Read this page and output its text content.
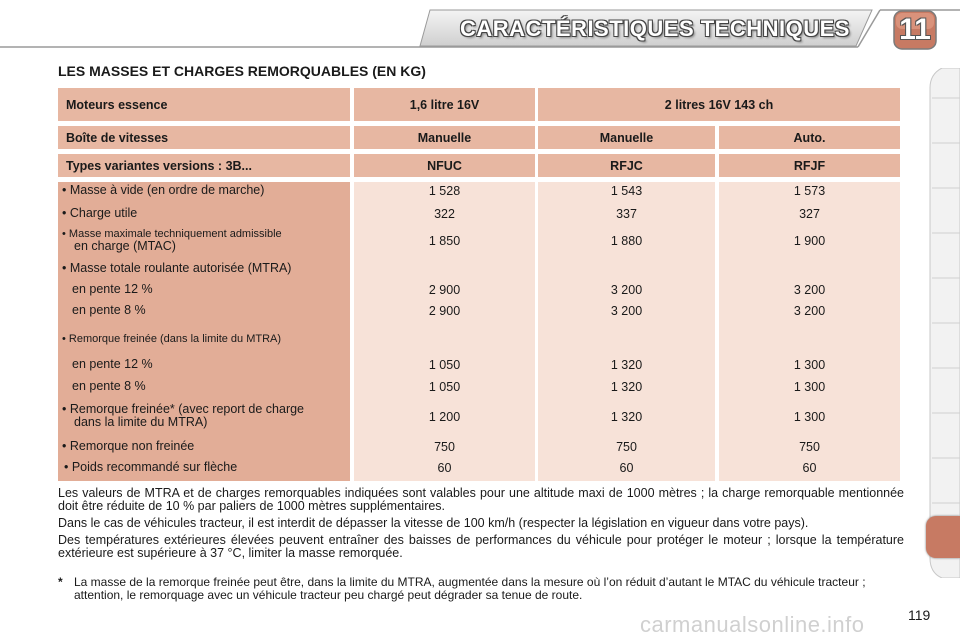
CARACTÉRISTIQUES TECHNIQUES	11
LES MASSES ET CHARGES REMORQUABLES (EN KG)
Moteurs essence	1,6 litre 16V	2 litres 16V 143 ch
Boîte de vitesses	Manuelle	Manuelle	Auto.
Types variantes versions : 3B...	NFUC	RFJC	RFJF
• Masse à vide (en ordre de marche)	1 528	1 543	1 573
• Charge utile	322	337	327
• Masse maximale techniquement admissible
en charge (MTAC)	1 850	1 880	1 900
• Masse totale roulante autorisée (MTRA)
en pente 12 %	2 900	3 200	3 200
en pente 8 %	2 900	3 200	3 200
• Remorque freinée (dans la limite du MTRA)
en pente 12 %	1 050	1 320	1 300
en pente 8 %	1 050	1 320	1 300
• Remorque freinée* (avec report de charge
dans la limite du MTRA)	1 200	1 320	1 300
• Remorque non freinée	750	750	750
• Poids recommandé sur flèche	60	60	60

Les valeurs de MTRA et de charges remorquables indiquées sont valables pour une altitude maxi de 1000 mètres ; la charge remorquable mentionnée doit être réduite de 10 % par paliers de 1000 mètres supplémentaires.

Dans le cas de véhicules tracteur, il est interdit de dépasser la vitesse de 100 km/h (respecter la législation en vigueur dans votre pays).

Des températures extérieures élevées peuvent entraîner des baisses de performances du véhicule pour protéger le moteur ; lorsque la température extérieure est supérieure à 37 °C, limiter la masse remorquée.

* La masse de la remorque freinée peut être, dans la limite du MTRA, augmentée dans la mesure où l’on réduit d’autant le MTAC du véhicule tracteur ; attention, le remorquage avec un véhicule tracteur peu chargé peut dégrader sa tenue de route.
carmanualsonline.info	119
